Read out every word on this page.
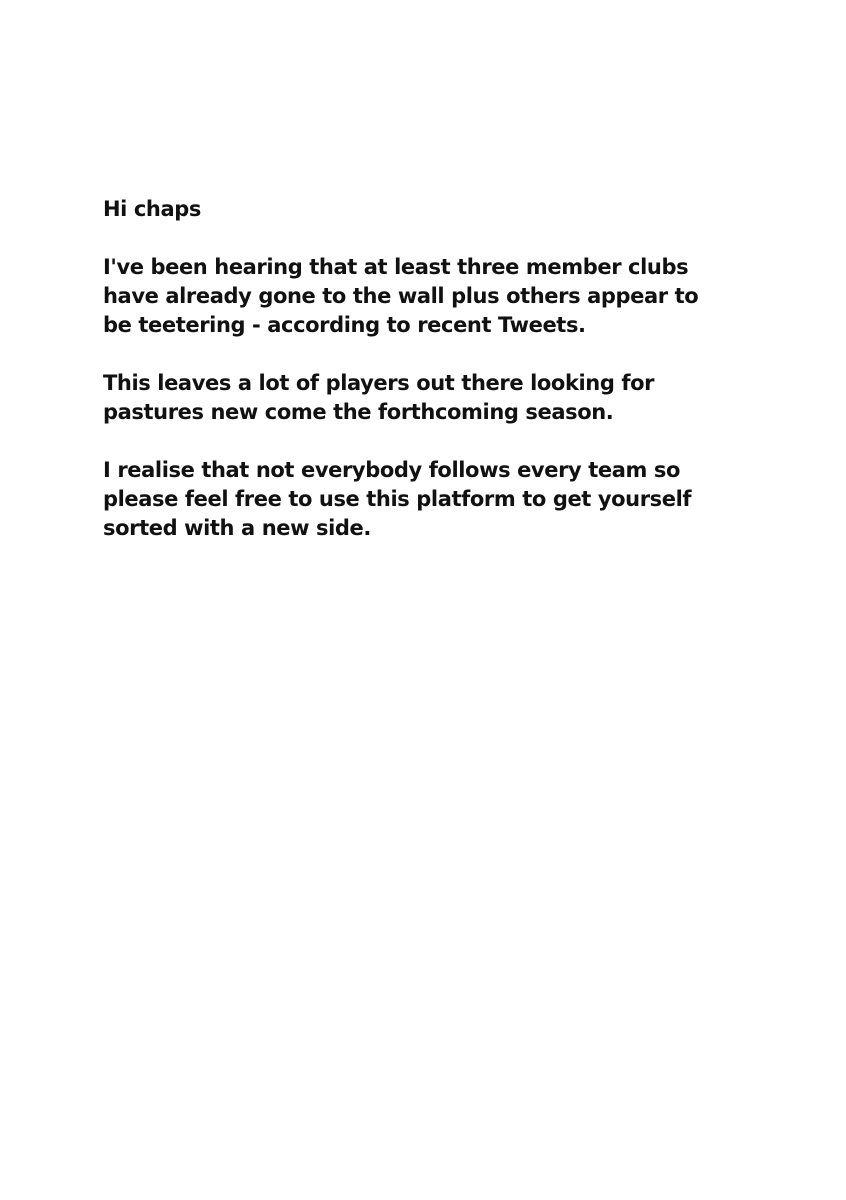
Hi chaps

I've been hearing that at least three member clubs
have already gone to the wall plus others appear to
be teetering - according to recent Tweets.

This leaves a lot of players out there looking for
pastures new come the forthcoming season.

I realise that not everybody follows every team so
please feel free to use this platform to get yourself
sorted with a new side.
